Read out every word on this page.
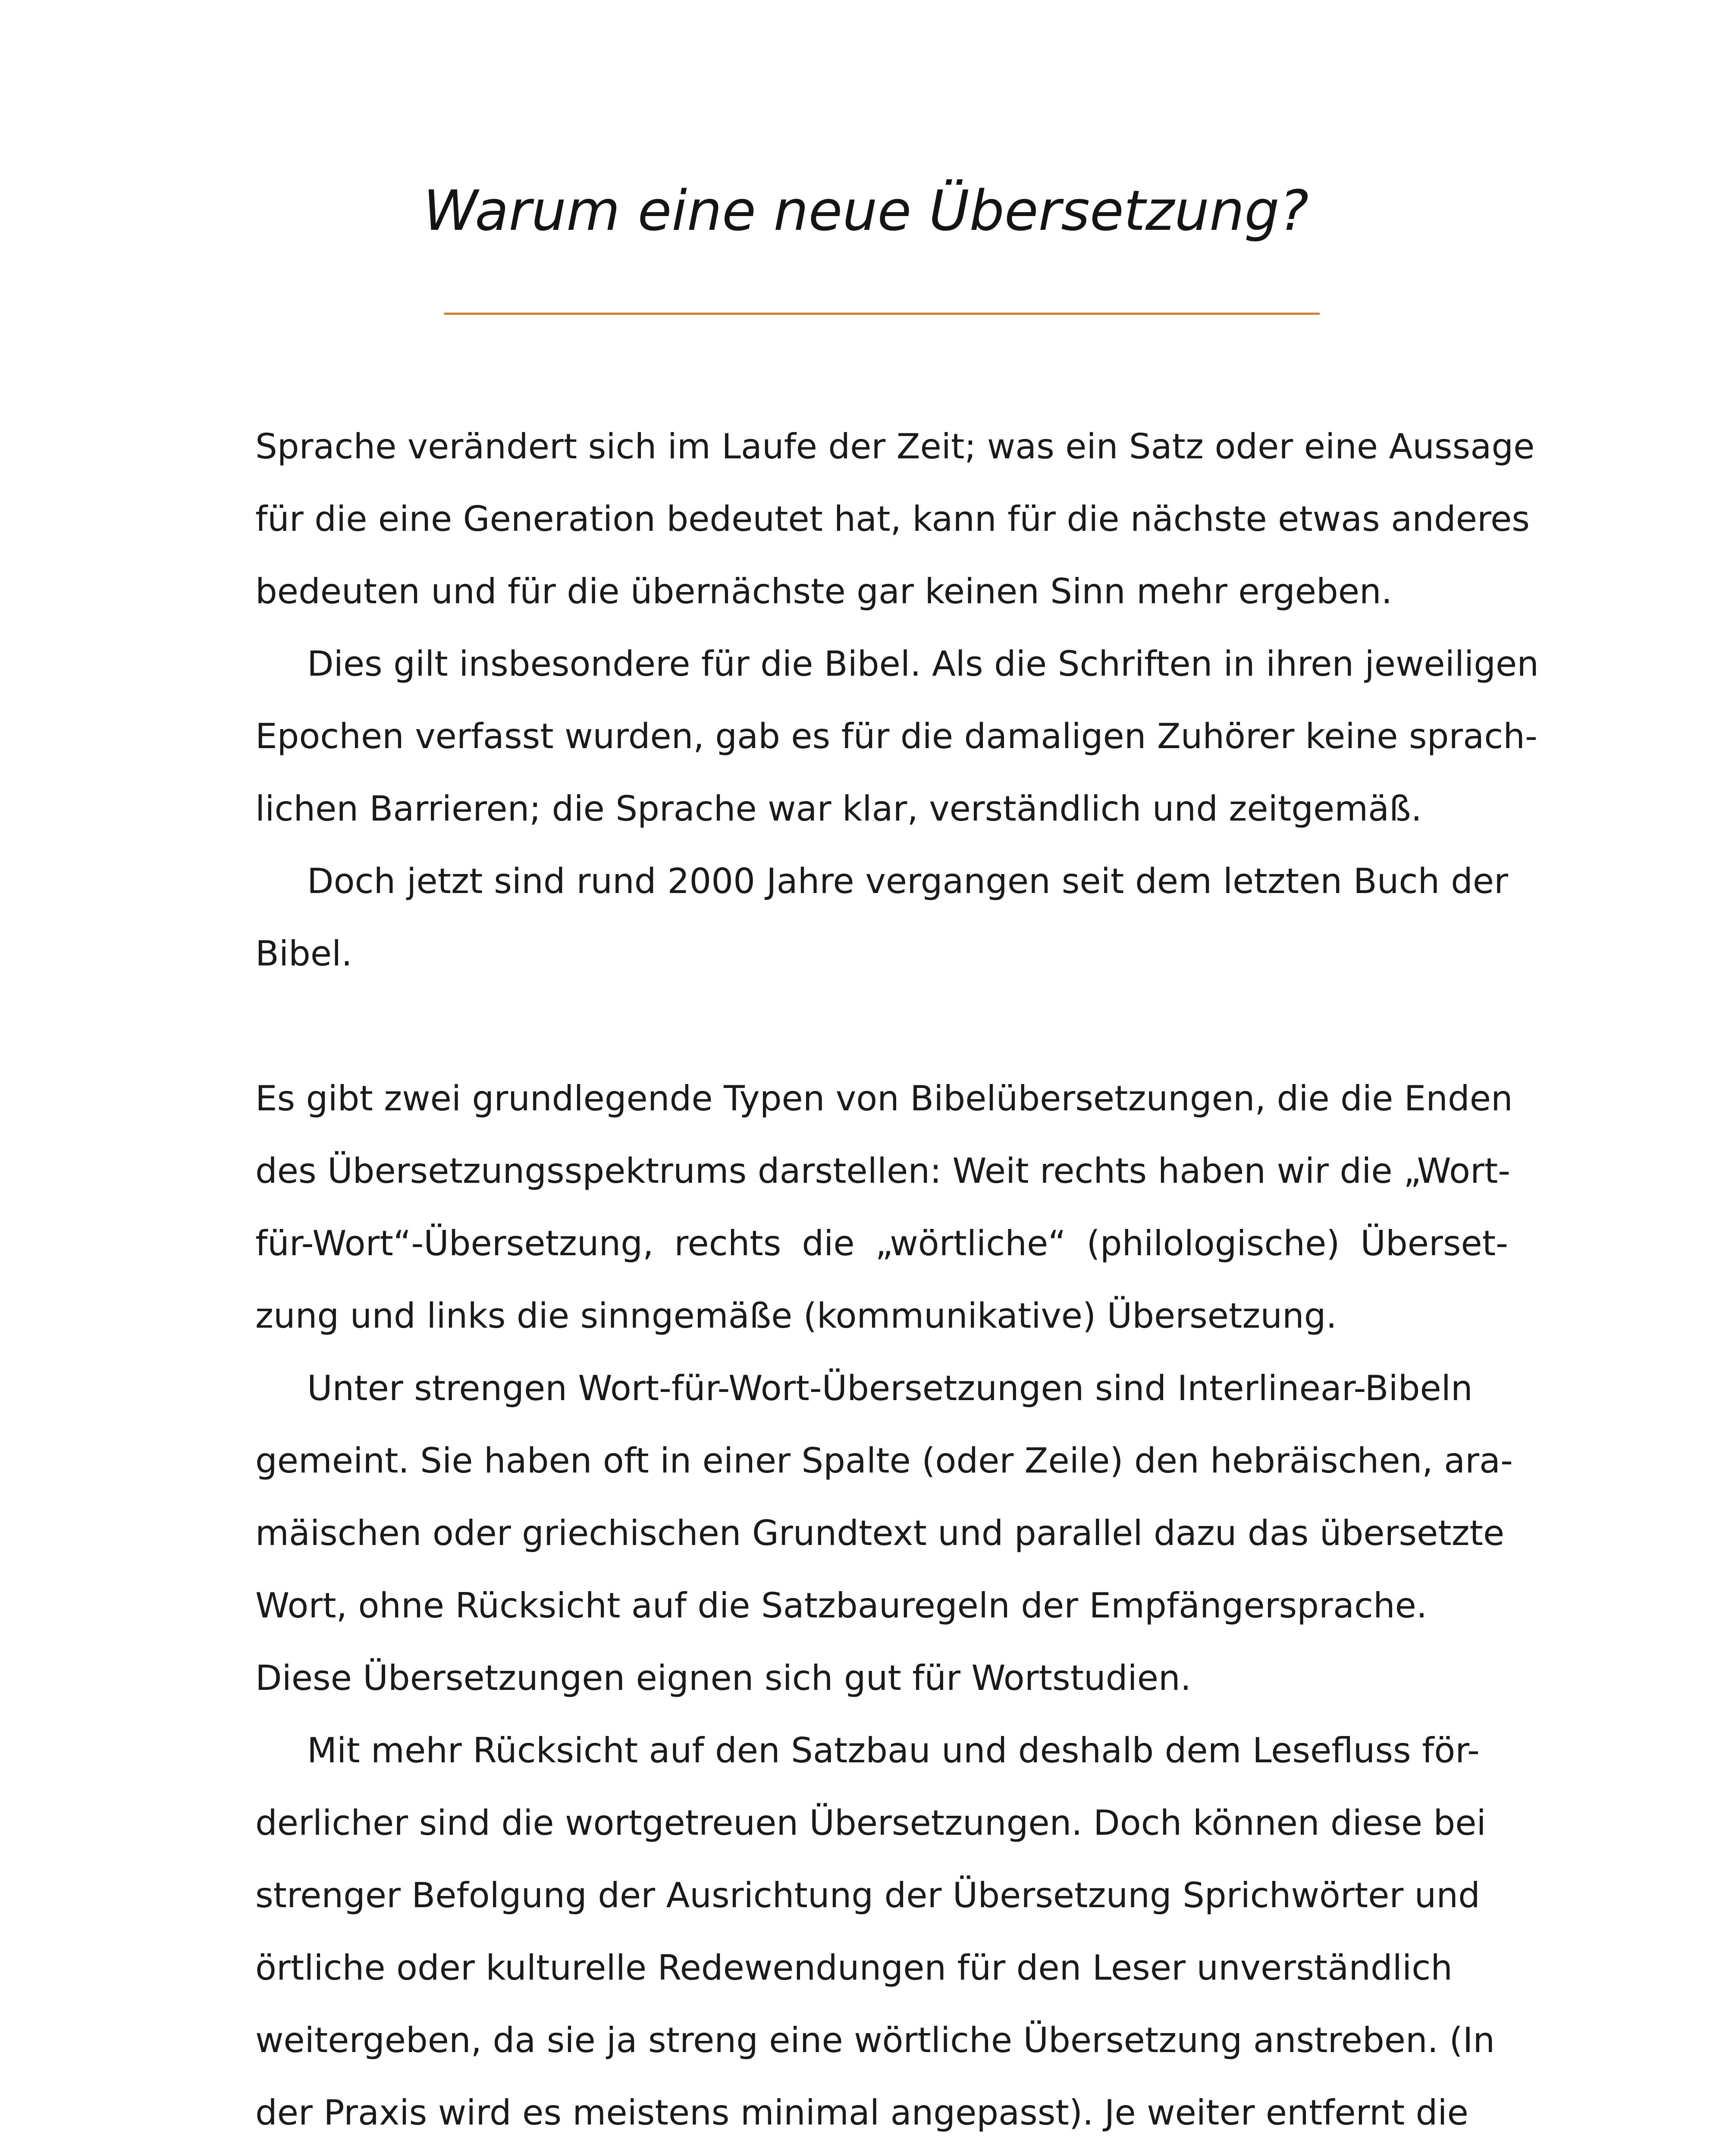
Warum eine neue Übersetzung?
Sprache verändert sich im Laufe der Zeit; was ein Satz oder eine Aussage
für die eine Generation bedeutet hat, kann für die nächste etwas anderes
bedeuten und für die übernächste gar keinen Sinn mehr ergeben.
Dies gilt insbesondere für die Bibel. Als die Schriften in ihren jeweiligen
Epochen verfasst wurden, gab es für die damaligen Zuhörer keine sprach-
lichen Barrieren; die Sprache war klar, verständlich und zeitgemäß.
Doch jetzt sind rund 2000 Jahre vergangen seit dem letzten Buch der
Bibel.
Es gibt zwei grundlegende Typen von Bibelübersetzungen, die die Enden
des Übersetzungsspektrums darstellen: Weit rechts haben wir die „Wort-
für-Wort“-Übersetzung, rechts die „wörtliche“ (philologische) Überset-
zung und links die sinngemäße (kommunikative) Übersetzung.
Unter strengen Wort-für-Wort-Übersetzungen sind Interlinear-Bibeln
gemeint. Sie haben oft in einer Spalte (oder Zeile) den hebräischen, ara-
mäischen oder griechischen Grundtext und parallel dazu das übersetzte
Wort, ohne Rücksicht auf die Satzbauregeln der Empfängersprache.
Diese Übersetzungen eignen sich gut für Wortstudien.
Mit mehr Rücksicht auf den Satzbau und deshalb dem Lesefluss för-
derlicher sind die wortgetreuen Übersetzungen. Doch können diese bei
strenger Befolgung der Ausrichtung der Übersetzung Sprichwörter und
örtliche oder kulturelle Redewendungen für den Leser unverständlich
weitergeben, da sie ja streng eine wörtliche Übersetzung anstreben. (In
der Praxis wird es meistens minimal angepasst). Je weiter entfernt die
